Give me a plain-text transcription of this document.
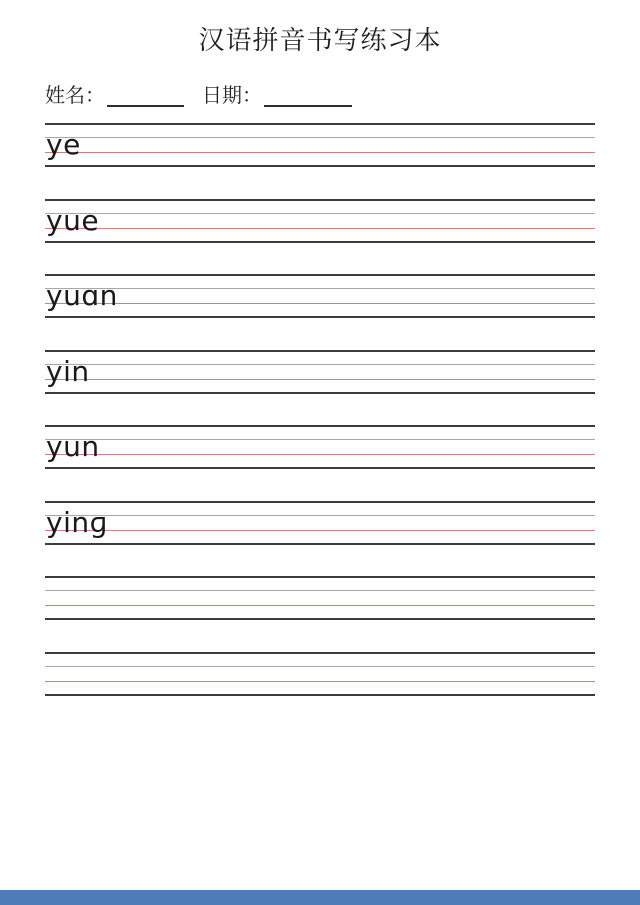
汉语拼音书写练习本
姓名：	日期：
ye
yue
yuɑn
yin
yun
yinɡ
